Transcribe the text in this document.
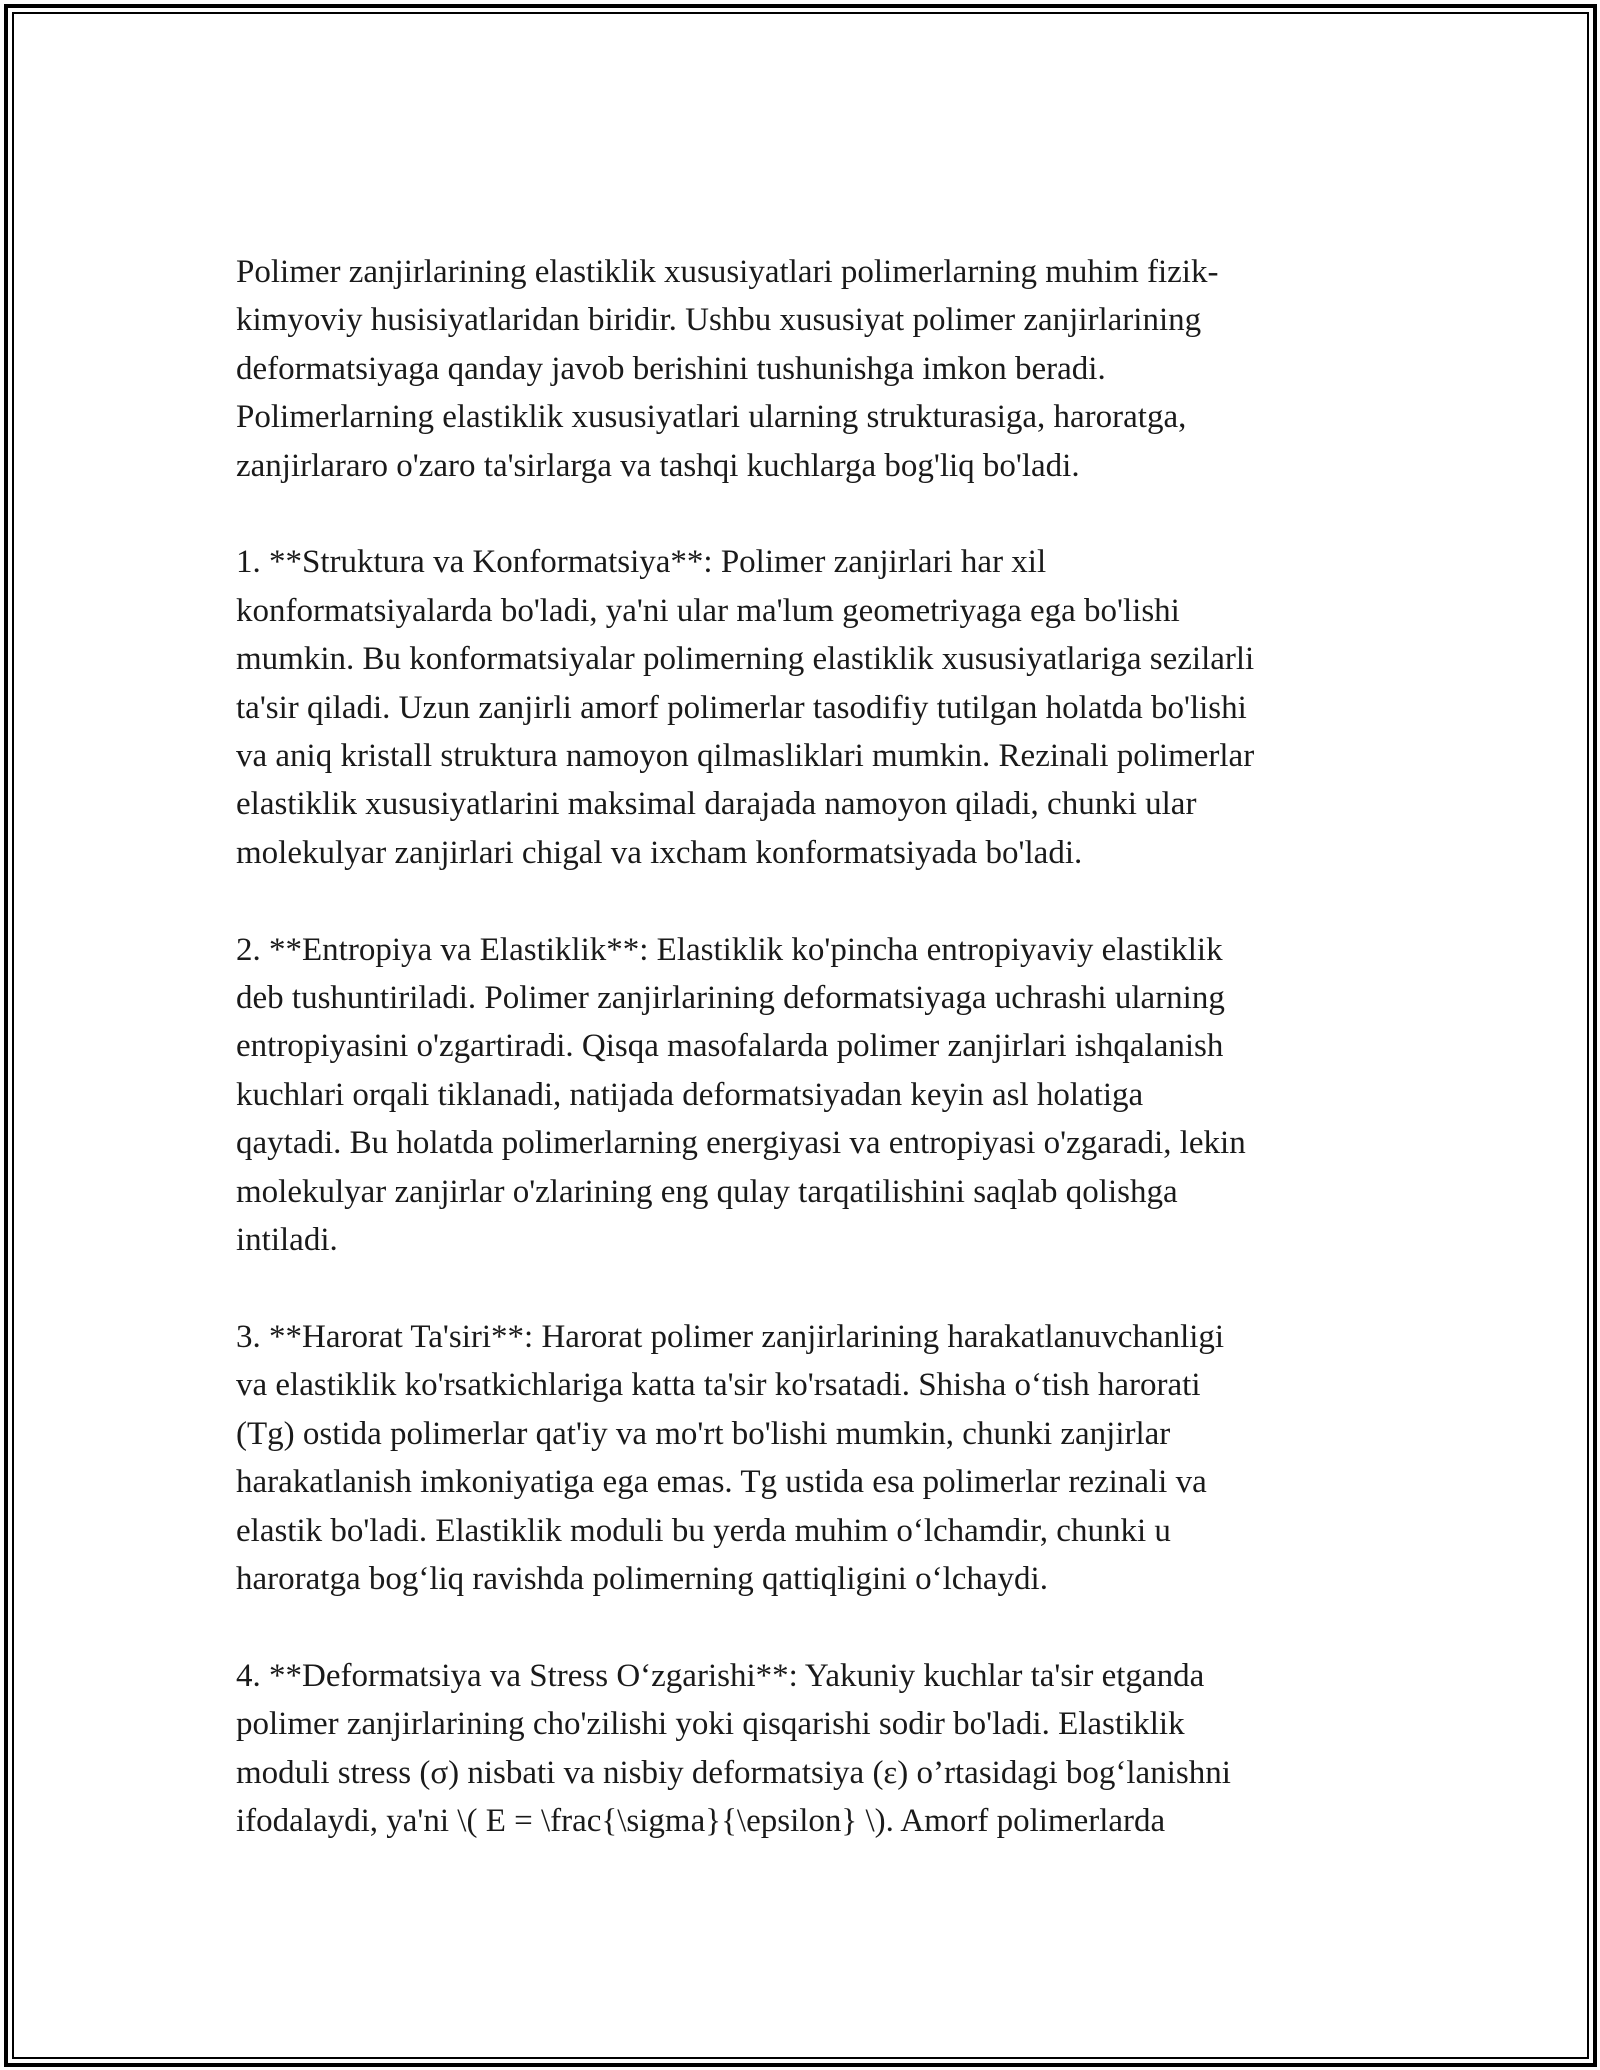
Polimer zanjirlarining elastiklik xususiyatlari polimerlarning muhim fizik-
kimyoviy husisiyatlaridan biridir. Ushbu xususiyat polimer zanjirlarining
deformatsiyaga qanday javob berishini tushunishga imkon beradi.
Polimerlarning elastiklik xususiyatlari ularning strukturasiga, haroratga,
zanjirlararo o'zaro ta'sirlarga va tashqi kuchlarga bog'liq bo'ladi.

1. **Struktura va Konformatsiya**: Polimer zanjirlari har xil
konformatsiyalarda bo'ladi, ya'ni ular ma'lum geometriyaga ega bo'lishi
mumkin. Bu konformatsiyalar polimerning elastiklik xususiyatlariga sezilarli
ta'sir qiladi. Uzun zanjirli amorf polimerlar tasodifiy tutilgan holatda bo'lishi
va aniq kristall struktura namoyon qilmasliklari mumkin. Rezinali polimerlar
elastiklik xususiyatlarini maksimal darajada namoyon qiladi, chunki ular
molekulyar zanjirlari chigal va ixcham konformatsiyada bo'ladi.

2. **Entropiya va Elastiklik**: Elastiklik ko'pincha entropiyaviy elastiklik
deb tushuntiriladi. Polimer zanjirlarining deformatsiyaga uchrashi ularning
entropiyasini o'zgartiradi. Qisqa masofalarda polimer zanjirlari ishqalanish
kuchlari orqali tiklanadi, natijada deformatsiyadan keyin asl holatiga
qaytadi. Bu holatda polimerlarning energiyasi va entropiyasi o'zgaradi, lekin
molekulyar zanjirlar o'zlarining eng qulay tarqatilishini saqlab qolishga
intiladi.

3. **Harorat Ta'siri**: Harorat polimer zanjirlarining harakatlanuvchanligi
va elastiklik ko'rsatkichlariga katta ta'sir ko'rsatadi. Shisha o‘tish harorati
(Tg) ostida polimerlar qat'iy va mo'rt bo'lishi mumkin, chunki zanjirlar
harakatlanish imkoniyatiga ega emas. Tg ustida esa polimerlar rezinali va
elastik bo'ladi. Elastiklik moduli bu yerda muhim o‘lchamdir, chunki u
haroratga bog‘liq ravishda polimerning qattiqligini o‘lchaydi.

4. **Deformatsiya va Stress O‘zgarishi**: Yakuniy kuchlar ta'sir etganda
polimer zanjirlarining cho'zilishi yoki qisqarishi sodir bo'ladi. Elastiklik
moduli stress (σ) nisbati va nisbiy deformatsiya (ε) o’rtasidagi bog‘lanishni
ifodalaydi, ya'ni \( E = \frac{\sigma}{\epsilon} \). Amorf polimerlarda
